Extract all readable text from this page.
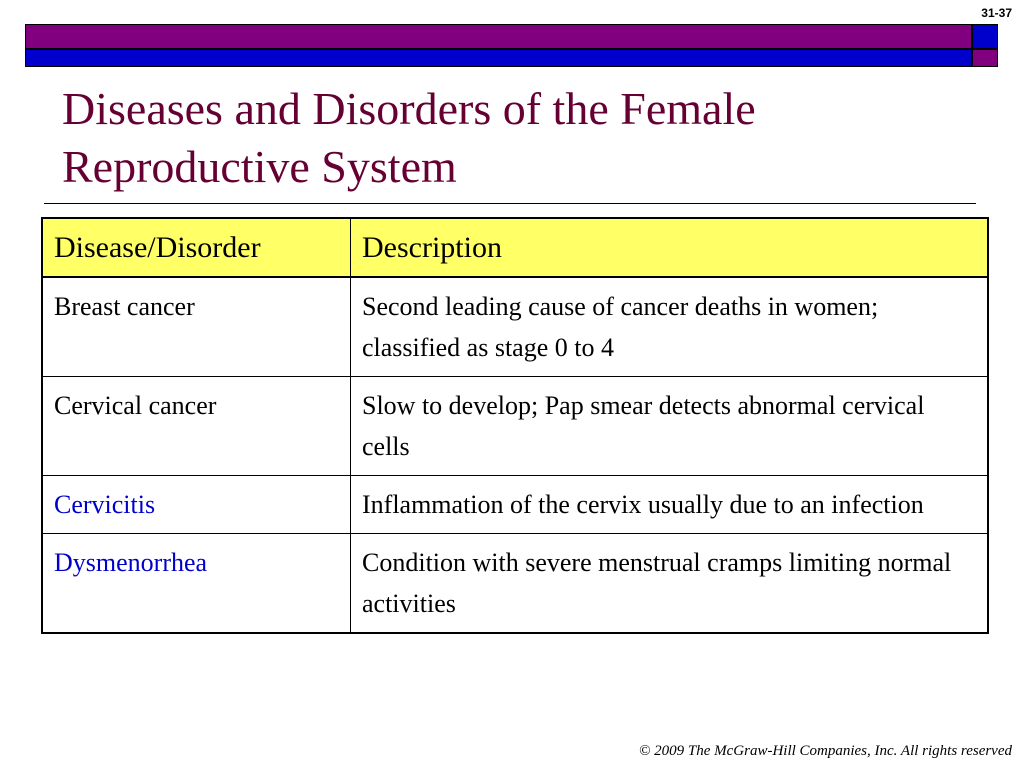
31-37
Diseases and Disorders of the Female Reproductive System
Disease/Disorder	Description
Breast cancer	Second leading cause of cancer deaths in women; classified as stage 0 to 4
Cervical cancer	Slow to develop; Pap smear detects abnormal cervical cells
Cervicitis	Inflammation of the cervix usually due to an infection
Dysmenorrhea	Condition with severe menstrual cramps limiting normal activities
© 2009 The McGraw-Hill Companies, Inc. All rights reserved
